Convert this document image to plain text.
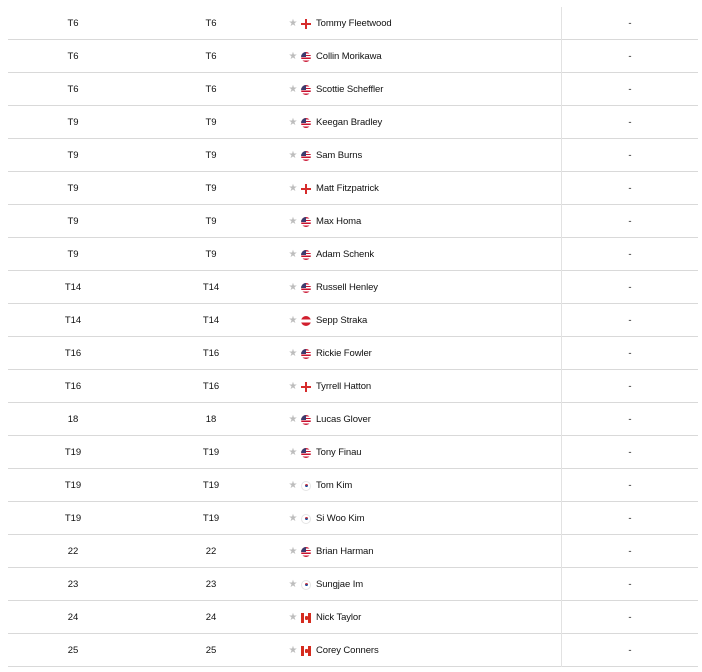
T6	T6	★ Tommy Fleetwood	-
T6	T6	★ Collin Morikawa	-
T6	T6	★ Scottie Scheffler	-
T9	T9	★ Keegan Bradley	-
T9	T9	★ Sam Burns	-
T9	T9	★ Matt Fitzpatrick	-
T9	T9	★ Max Homa	-
T9	T9	★ Adam Schenk	-
T14	T14	★ Russell Henley	-
T14	T14	★ Sepp Straka	-
T16	T16	★ Rickie Fowler	-
T16	T16	★ Tyrrell Hatton	-
18	18	★ Lucas Glover	-
T19	T19	★ Tony Finau	-
T19	T19	★ Tom Kim	-
T19	T19	★ Si Woo Kim	-
22	22	★ Brian Harman	-
23	23	★ Sungjae Im	-
24	24	★ Nick Taylor	-
25	25	★ Corey Conners	-
